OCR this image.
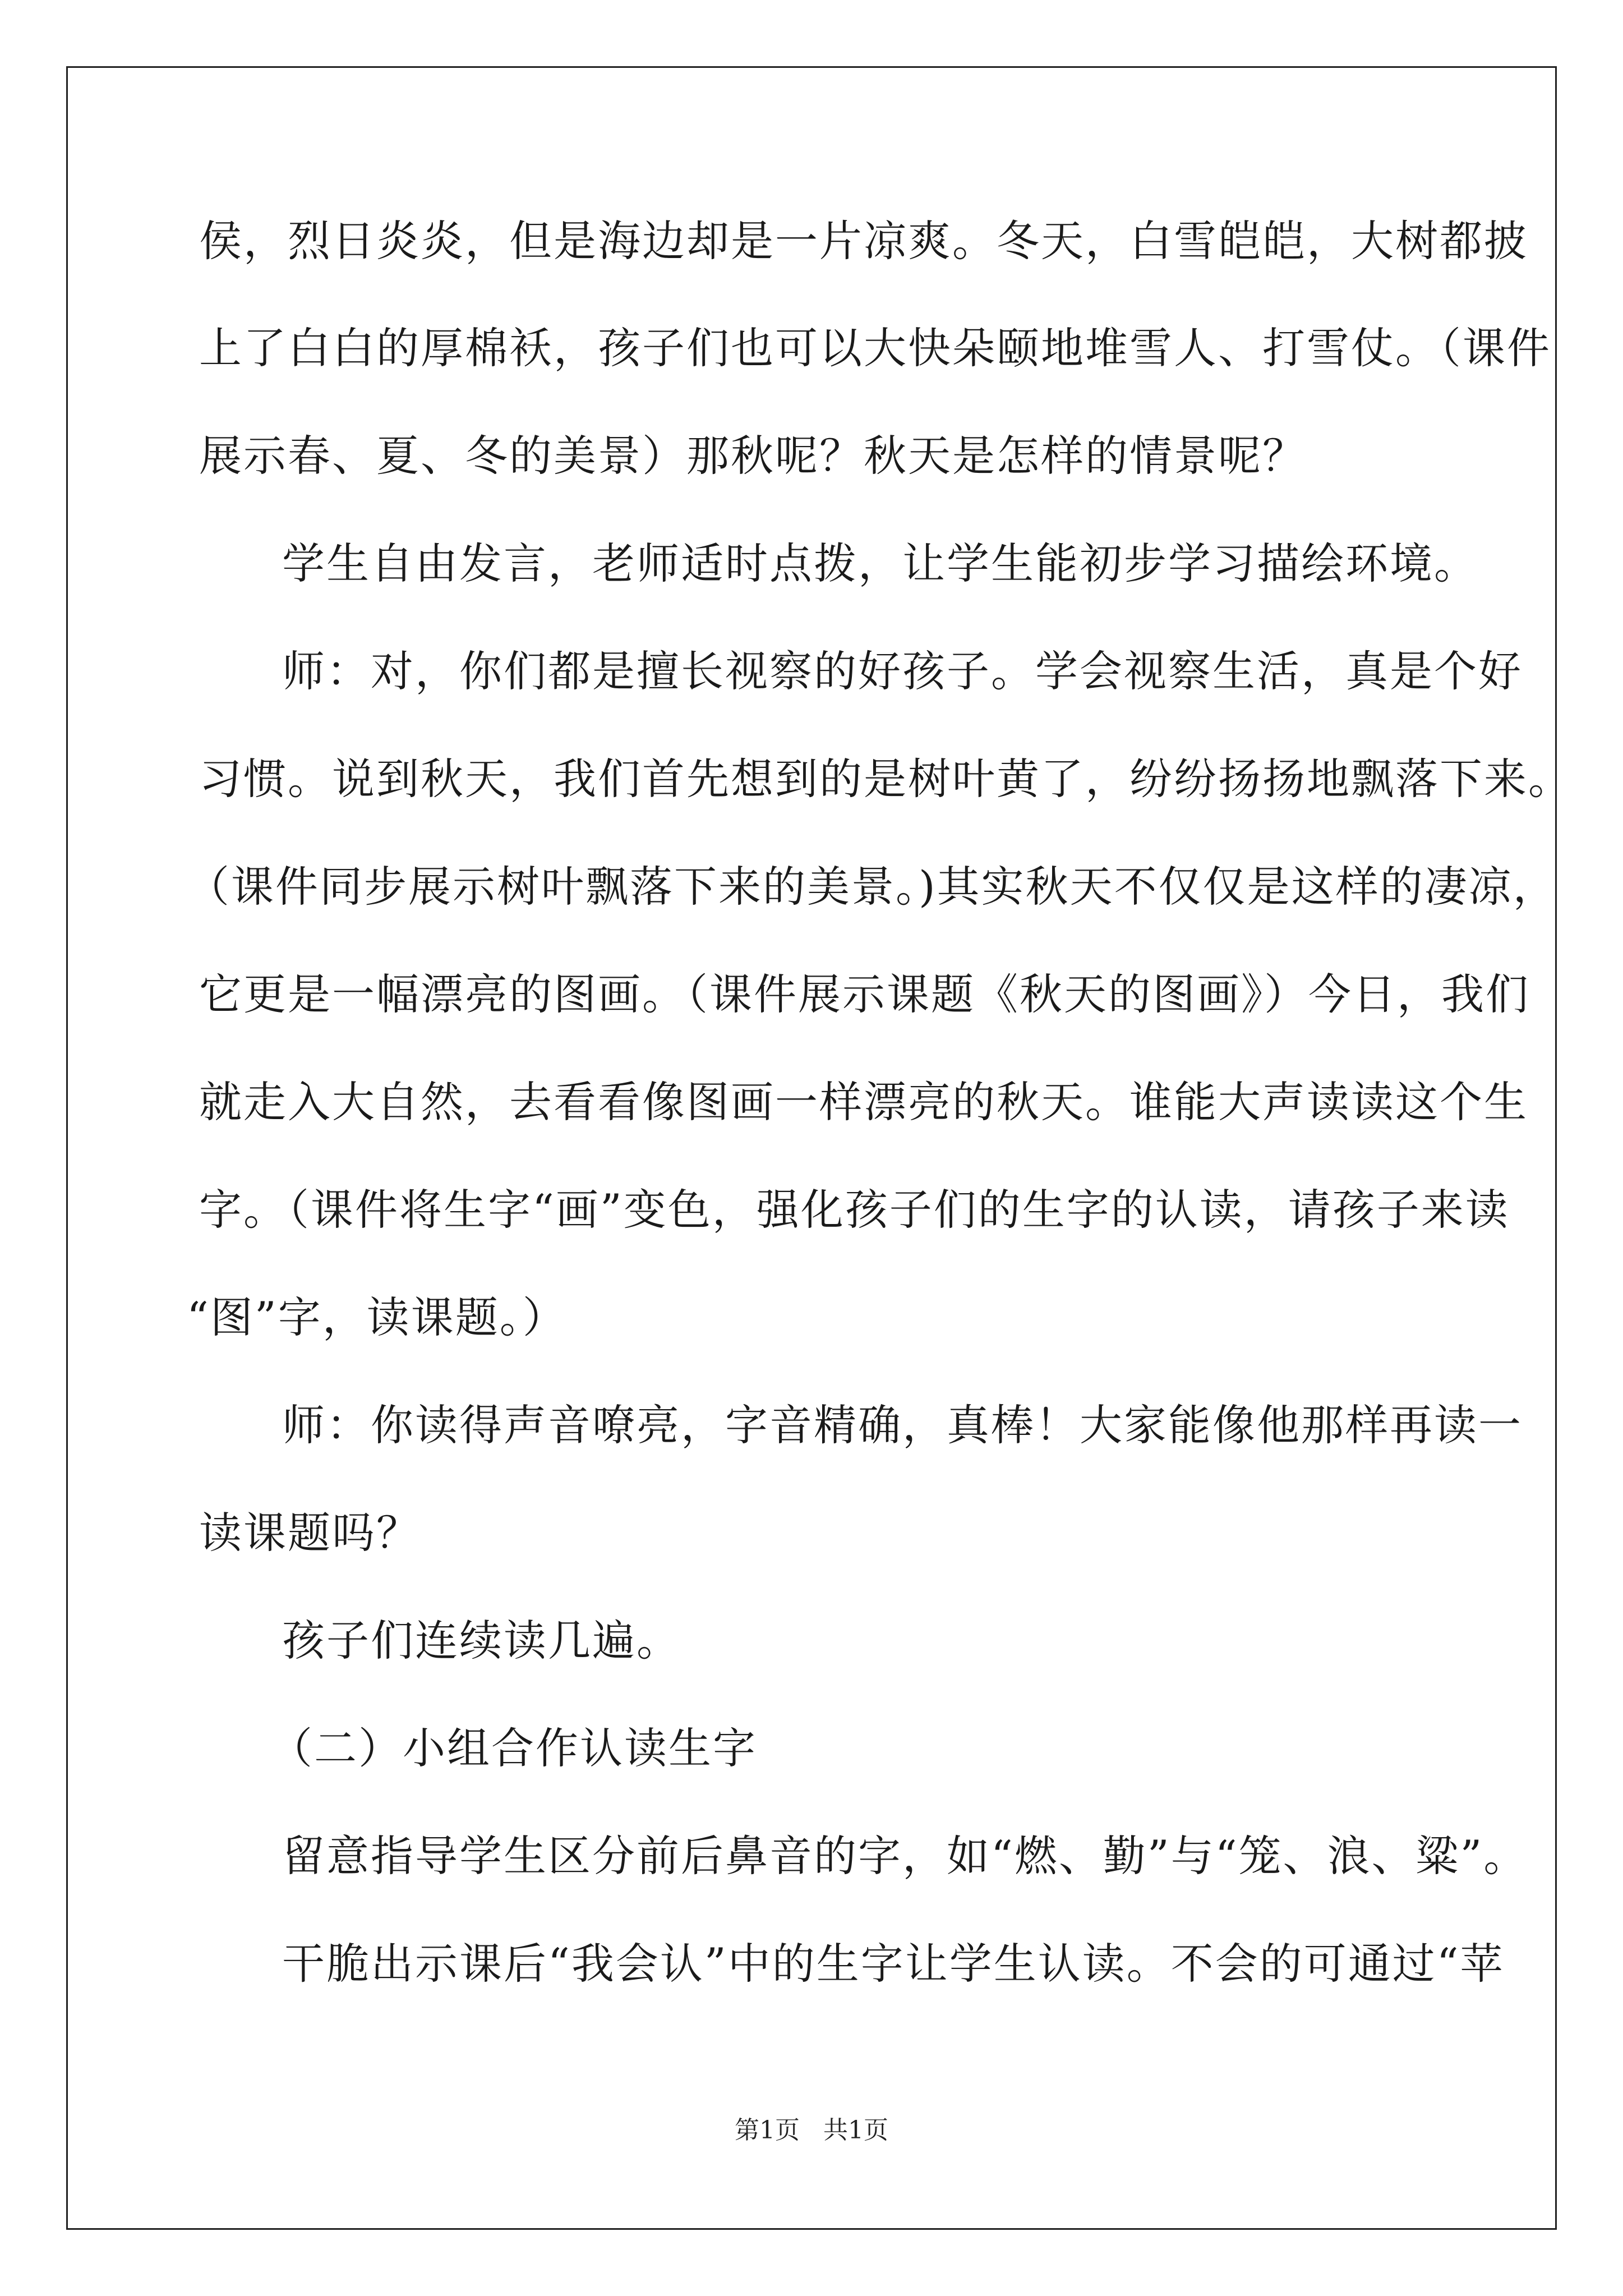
侯，烈日炎炎，但是海边却是一片凉爽。冬天，白雪皑皑，大树都披
上了白白的厚棉袄，孩子们也可以大快朵颐地堆雪人、打雪仗。（课件
展示春、夏、冬的美景）那秋呢？秋天是怎样的情景呢？
学生自由发言，老师适时点拨，让学生能初步学习描绘环境。
师：对，你们都是擅长视察的好孩子。学会视察生活，真是个好
习惯。说到秋天，我们首先想到的是树叶黄了，纷纷扬扬地飘落下来。
（课件同步展示树叶飘落下来的美景。)其实秋天不仅仅是这样的凄凉，
它更是一幅漂亮的图画。（课件展示课题《秋天的图画》）今日，我们
就走入大自然，去看看像图画一样漂亮的秋天。谁能大声读读这个生
字。（课件将生字“画”变色，强化孩子们的生字的认读，请孩子来读
“图”字，读课题。）
师：你读得声音嘹亮，字音精确，真棒！大家能像他那样再读一
读课题吗？
孩子们连续读几遍。
（二）小组合作认读生字
留意指导学生区分前后鼻音的字，如“燃、勤”与“笼、浪、粱”。
干脆出示课后“我会认”中的生字让学生认读。不会的可通过“苹
第1页 共1页
